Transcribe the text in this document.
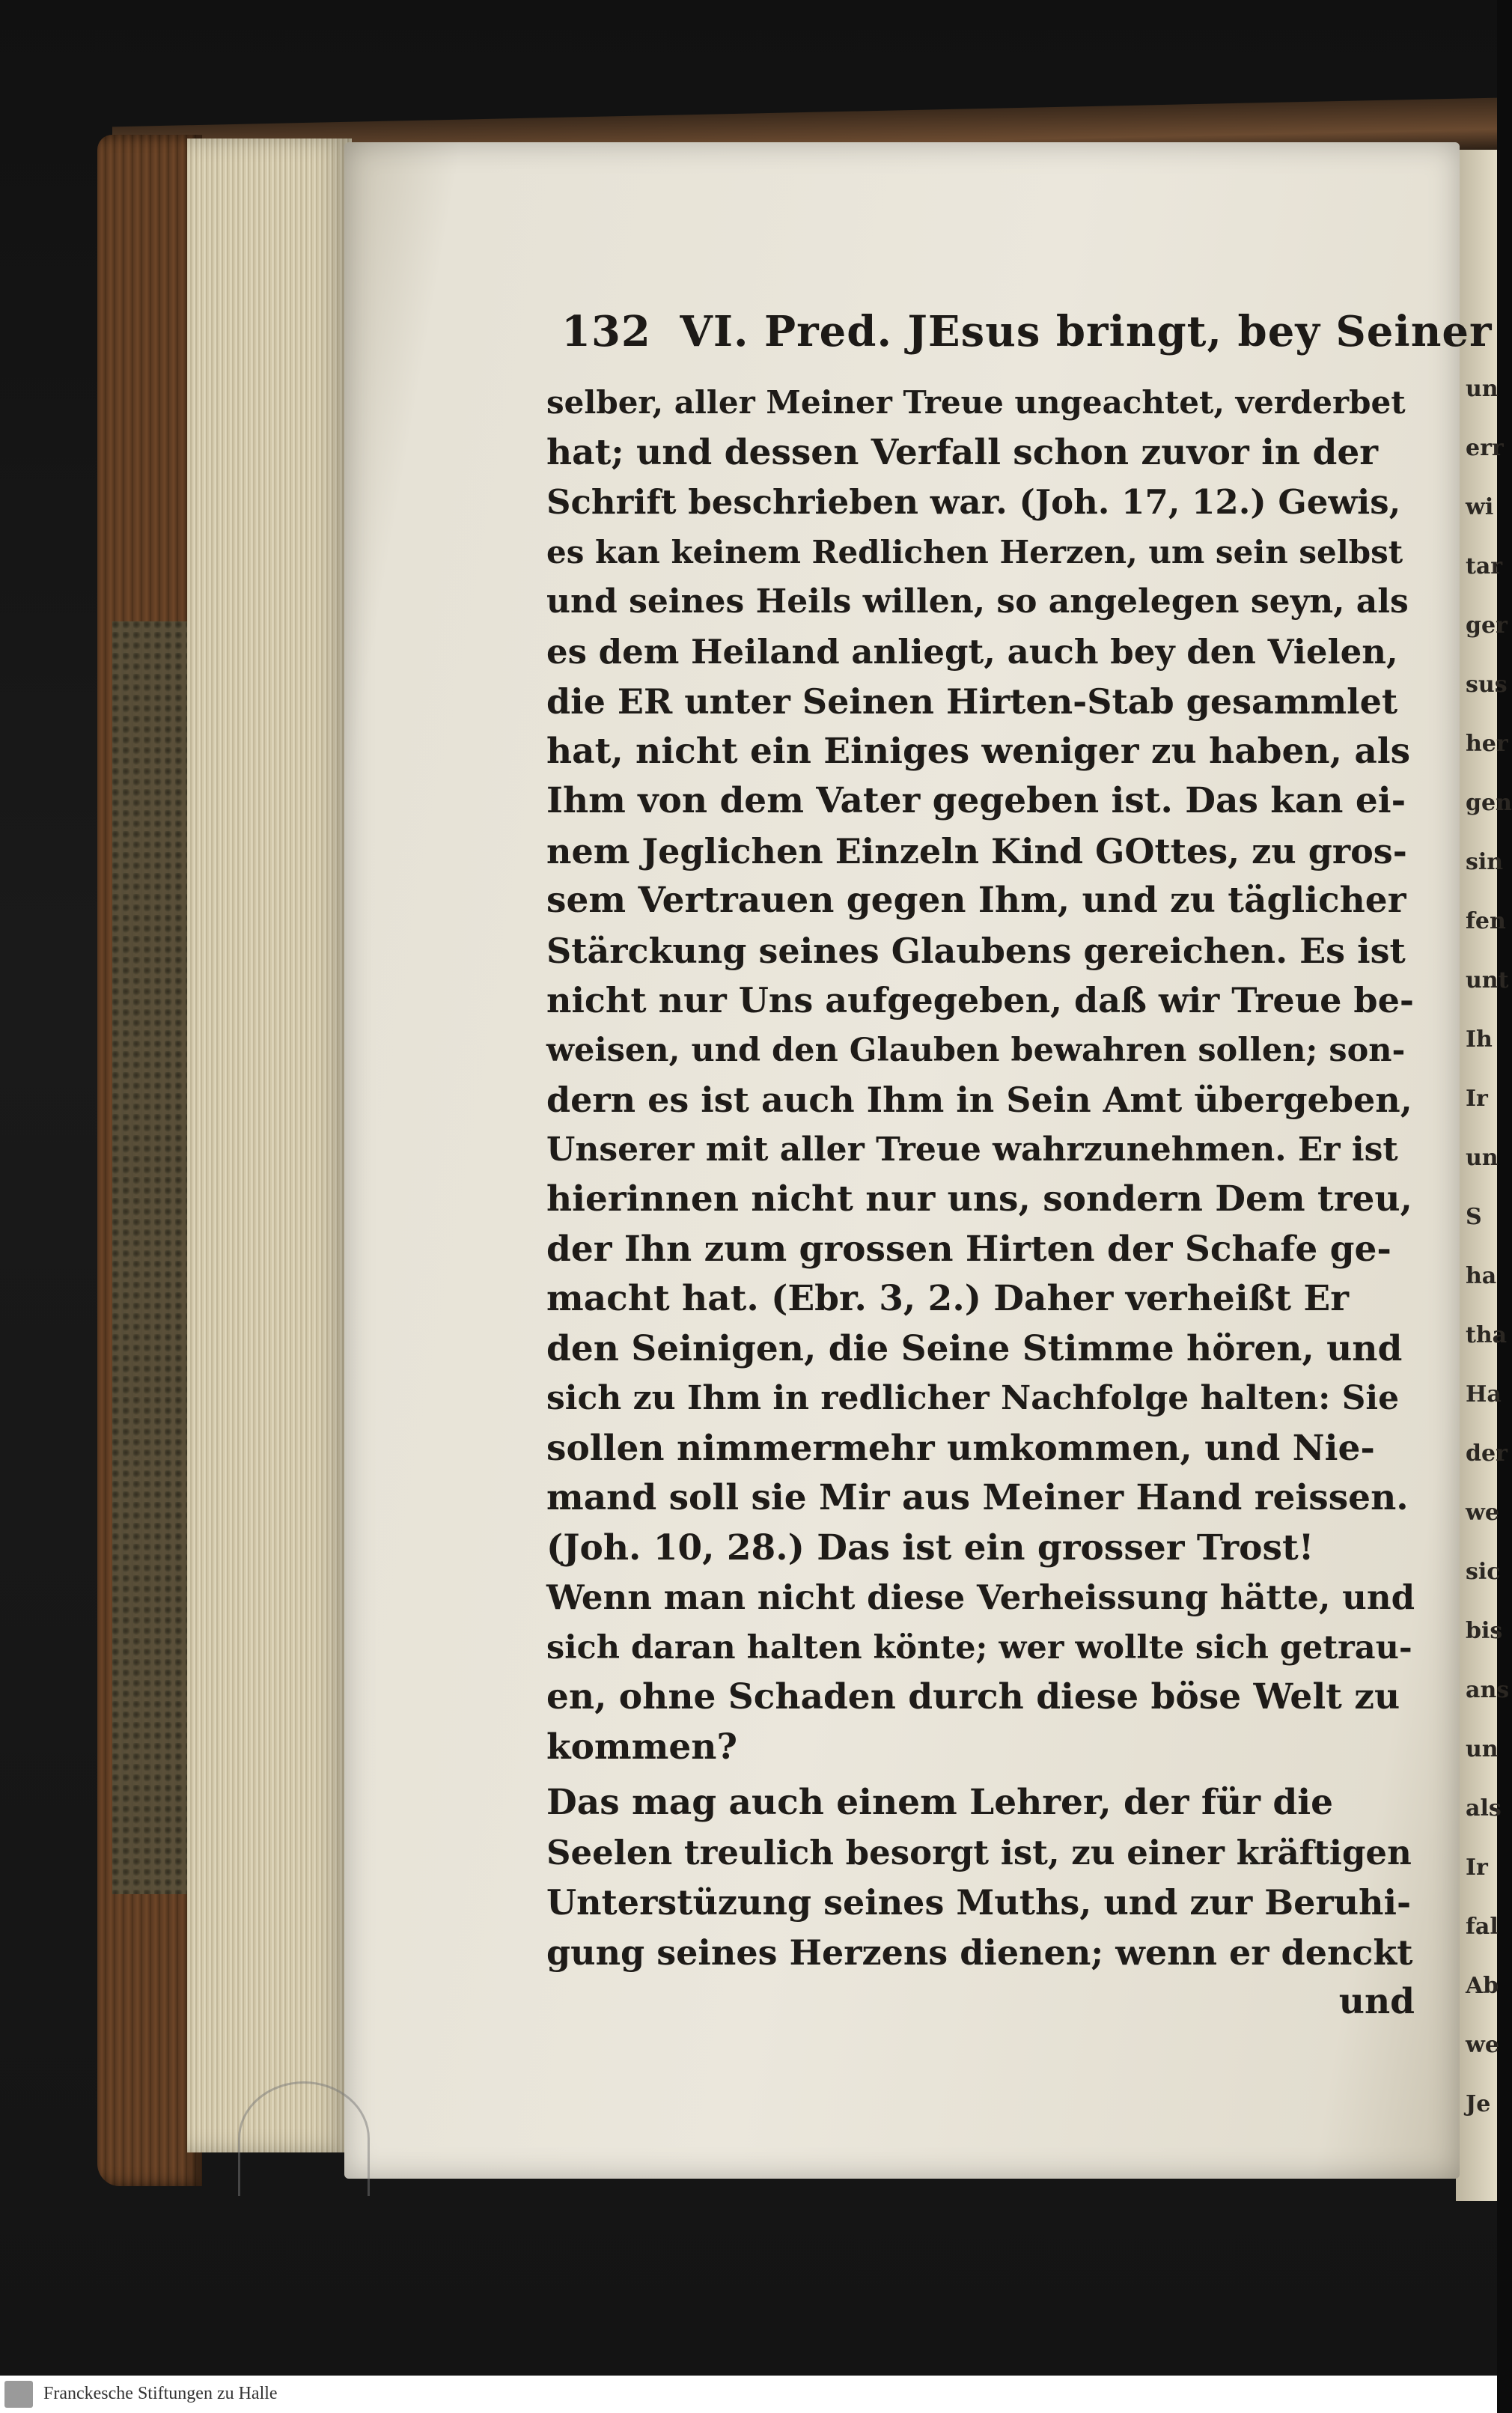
un
err
wi
tar
ger
sus
her
gen
sin
fen
unt
Ih
Ir
un
S
ha
tha
Ha
der
we
sic
bis
ans
un
als
Ir
fal
Ab
we
Je
132 VI. Pred. JEsus bringt, bey Seiner
selber, aller Meiner Treue ungeachtet, verderbet
hat; und dessen Verfall schon zuvor in der
Schrift beschrieben war. (Joh. 17, 12.) Gewis,
es kan keinem Redlichen Herzen, um sein selbst
und seines Heils willen, so angelegen seyn, als
es dem Heiland anliegt, auch bey den Vielen,
die ER unter Seinen Hirten-Stab gesammlet
hat, nicht ein Einiges weniger zu haben, als
Ihm von dem Vater gegeben ist. Das kan ei-
nem Jeglichen Einzeln Kind GOttes, zu gros-
sem Vertrauen gegen Ihm, und zu täglicher
Stärckung seines Glaubens gereichen. Es ist
nicht nur Uns aufgegeben, daß wir Treue be-
weisen, und den Glauben bewahren sollen; son-
dern es ist auch Ihm in Sein Amt übergeben,
Unserer mit aller Treue wahrzunehmen. Er ist
hierinnen nicht nur uns, sondern Dem treu,
der Ihn zum grossen Hirten der Schafe ge-
macht hat. (Ebr. 3, 2.) Daher verheißt Er
den Seinigen, die Seine Stimme hören, und
sich zu Ihm in redlicher Nachfolge halten: Sie
sollen nimmermehr umkommen, und Nie-
mand soll sie Mir aus Meiner Hand reissen.
(Joh. 10, 28.) Das ist ein grosser Trost!
Wenn man nicht diese Verheissung hätte, und
sich daran halten könte; wer wollte sich getrau-
en, ohne Schaden durch diese böse Welt zu
kommen?
Das mag auch einem Lehrer, der für die
Seelen treulich besorgt ist, zu einer kräftigen
Unterstüzung seines Muths, und zur Beruhi-
gung seines Herzens dienen; wenn er denckt
und
Franckesche Stiftungen zu Halle
